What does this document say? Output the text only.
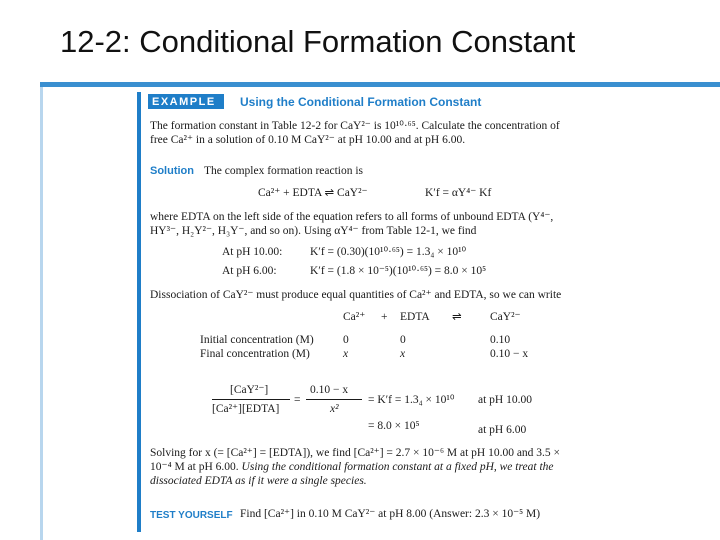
12-2: Conditional Formation Constant
EXAMPLE	Using the Conditional Formation Constant
The formation constant in Table 12-2 for CaY²⁻ is 10¹⁰·⁶⁵. Calculate the concentration of
free Ca²⁺ in a solution of 0.10 M CaY²⁻ at pH 10.00 and at pH 6.00.
Solution The complex formation reaction is
Ca²⁺ + EDTA ⇌ CaY²⁻	K′f = αY⁴⁻ Kf
where EDTA on the left side of the equation refers to all forms of unbound EDTA (Y⁴⁻,
HY³⁻, H₂Y²⁻, H₃Y⁻, and so on). Using αY⁴⁻ from Table 12-1, we find
At pH 10.00: K′f = (0.30)(10¹⁰·⁶⁵) = 1.3₄ × 10¹⁰
At pH 6.00:	K′f = (1.8 × 10⁻⁵)(10¹⁰·⁶⁵) = 8.0 × 10⁵
Dissociation of CaY²⁻ must produce equal quantities of Ca²⁺ and EDTA, so we can write
Ca²⁺ + EDTA ⇌ CaY²⁻
Initial concentration (M)	0	0	0.10
Final concentration (M)	x	x	0.10 − x
[CaY²⁻]
[Ca²⁺][EDTA]
=
0.10 − x
x²
= K′f = 1.3₄ × 10¹⁰ at pH 10.00
= 8.0 × 10⁵	at pH 6.00
Solving for x (= [Ca²⁺] = [EDTA]), we find [Ca²⁺] = 2.7 × 10⁻⁶ M at pH 10.00 and 3.5 ×
10⁻⁴ M at pH 6.00. Using the conditional formation constant at a fixed pH, we treat the
dissociated EDTA as if it were a single species.
TEST YOURSELF Find [Ca²⁺] in 0.10 M CaY²⁻ at pH 8.00 (Answer: 2.3 × 10⁻⁵ M)
